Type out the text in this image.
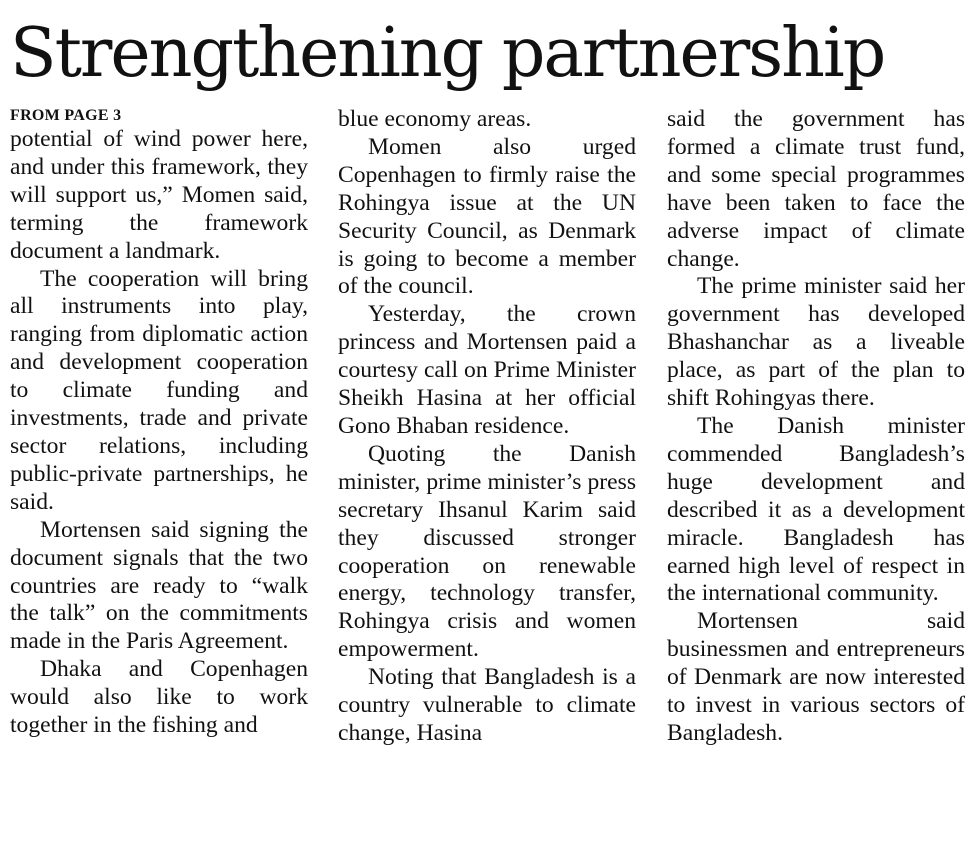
Strengthening partnership
FROM PAGE 3

potential of wind power here, and under this framework, they will support us,” Momen said, terming the framework document a landmark.

The cooperation will bring all instruments into play, ranging from diplomatic action and development cooperation to climate funding and investments, trade and private sector relations, including public-private partnerships, he said.

Mortensen said signing the document signals that the two countries are ready to “walk the talk” on the commitments made in the Paris Agreement.

Dhaka and Copenhagen would also like to work together in the fishing and

blue economy areas.

Momen also urged Copenhagen to firmly raise the Rohingya issue at the UN Security Council, as Denmark is going to become a member of the council.

Yesterday, the crown princess and Mortensen paid a courtesy call on Prime Minister Sheikh Hasina at her official Gono Bhaban residence.

Quoting the Danish minister, prime minister’s press secretary Ihsanul Karim said they discussed stronger cooperation on renewable energy, technology transfer, Rohingya crisis and women empowerment.

Noting that Bangladesh is a country vulnerable to climate change, Hasina

said the government has formed a climate trust fund, and some special programmes have been taken to face the adverse impact of climate change.

The prime minister said her government has developed Bhashanchar as a liveable place, as part of the plan to shift Rohingyas there.

The Danish minister commended Bangladesh’s huge development and described it as a development miracle. Bangladesh has earned high level of respect in the international community.

Mortensen said businessmen and entrepreneurs of Denmark are now interested to invest in various sectors of Bangladesh.
